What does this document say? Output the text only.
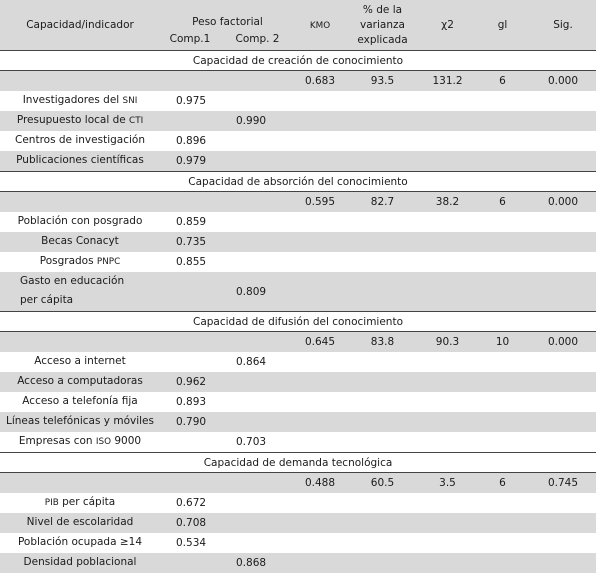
Capacidad/indicador	Peso factorial		KMO	% de la varianza explicada	χ2	gl	Sig.
	Comp.1	Comp. 2					
Capacidad de creación de conocimiento							
			0.683	93.5	131.2	6	0.000
Investigadores del SNI	0.975						
Presupuesto local de CTI		0.990					
Centros de investigación	0.896						
Publicaciones científicas	0.979						
Capacidad de absorción del conocimiento							
			0.595	82.7	38.2	6	0.000
Población con posgrado	0.859						
Becas Conacyt	0.735						
Posgrados PNPC	0.855						
Gasto en educación per cápita		0.809					
Capacidad de difusión del conocimiento							
			0.645	83.8	90.3	10	0.000
Acceso a internet		0.864					
Acceso a computadoras	0.962						
Acceso a telefonía fija	0.893						
Líneas telefónicas y móviles	0.790						
Empresas con ISO 9000		0.703					
Capacidad de demanda tecnológica							
			0.488	60.5	3.5	6	0.745
PIB per cápita	0.672						
Nivel de escolaridad	0.708						
Población ocupada ≥14	0.534						
Densidad poblacional		0.868					
